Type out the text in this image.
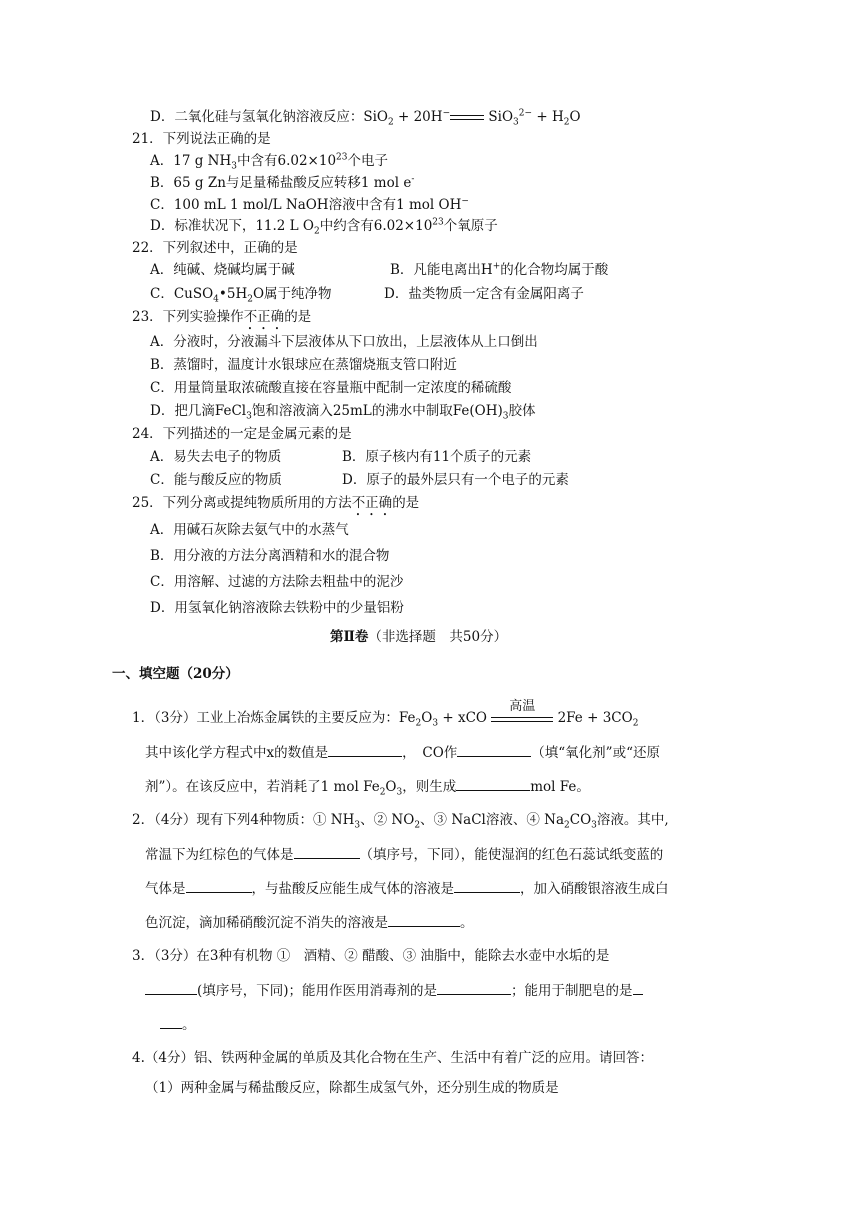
D．二氧化硅与氢氧化钠溶液反应：SiO$_2$ + 20H−	$SiO_3^{2-} + H_2O$
21．下列说法正确的是
A．17 g $NH_3$中含有$6.02\times 10^{23}$个电子
B．65 g Zn与足量稀盐酸反应转移1 mol e-
C．100 mL 1 mol/L NaOH溶液中含有1 mol OH−
D．标准状况下，11.2 L $O_2$中约含有$6.02\times 10^{23}$个氧原子
22．下列叙述中，正确的是
A．纯碱、烧碱均属于碱	B．凡能电离出H+的化合物均属于酸
C．$CuSO_4•5H_2O$属于纯净物	D．盐类物质一定含有金属阳离子
23．下列实验操作不正确的是
A．分液时，分液漏斗下层液体从下口放出，上层液体从上口倒出
B．蒸馏时，温度计水银球应在蒸馏烧瓶支管口附近
C．用量筒量取浓硫酸直接在容量瓶中配制一定浓度的稀硫酸
D．把几滴FeCl$_3$饱和溶液滴入25mL的沸水中制取$Fe(OH)_3$胶体
24．下列描述的一定是金属元素的是
A．易失去电子的物质	B．原子核内有11个质子的元素
C．能与酸反应的物质	D．原子的最外层只有一个电子的元素
25．下列分离或提纯物质所用的方法不正确的是
A．用碱石灰除去氨气中的水蒸气
B．用分液的方法分离酒精和水的混合物
C．用溶解、过滤的方法除去粗盐中的泥沙
D．用氢氧化钠溶液除去铁粉中的少量铝粉
第Ⅱ卷（非选择题　共50分）
一、填空题（20分）
1．（3分）工业上冶炼金属铁的主要反应为：$Fe_2O_3$ + xCO
高温
$2Fe + 3CO_2$
其中该化学方程式中x的数值是	，　CO作	（填“氧化剂”或“还原
剂”）。在该反应中，若消耗了1 mol $Fe_2O_3$，则生成	mol Fe。
2．（4分）现有下列4种物质：① $NH_3$、② $NO_2$、③ NaCl溶液、④ $Na_2CO_3$溶液。其中,
常温下为红棕色的气体是	（填序号，下同），能使湿润的红色石蕊试纸变蓝的
气体是	，与盐酸反应能生成气体的溶液是	，加入硝酸银溶液生成白
色沉淀，滴加稀硝酸沉淀不消失的溶液是	。
3．（3分）在3种有机物 ①　酒精、② 醋酸、③ 油脂中，能除去水壶中水垢的是
(填序号，下同)；能用作医用消毒剂的是	；能用于制肥皂的是
。
4.（4分）铝、铁两种金属的单质及其化合物在生产、生活中有着广泛的应用。请回答：
（1）两种金属与稀盐酸反应，除都生成氢气外，还分别生成的物质是
